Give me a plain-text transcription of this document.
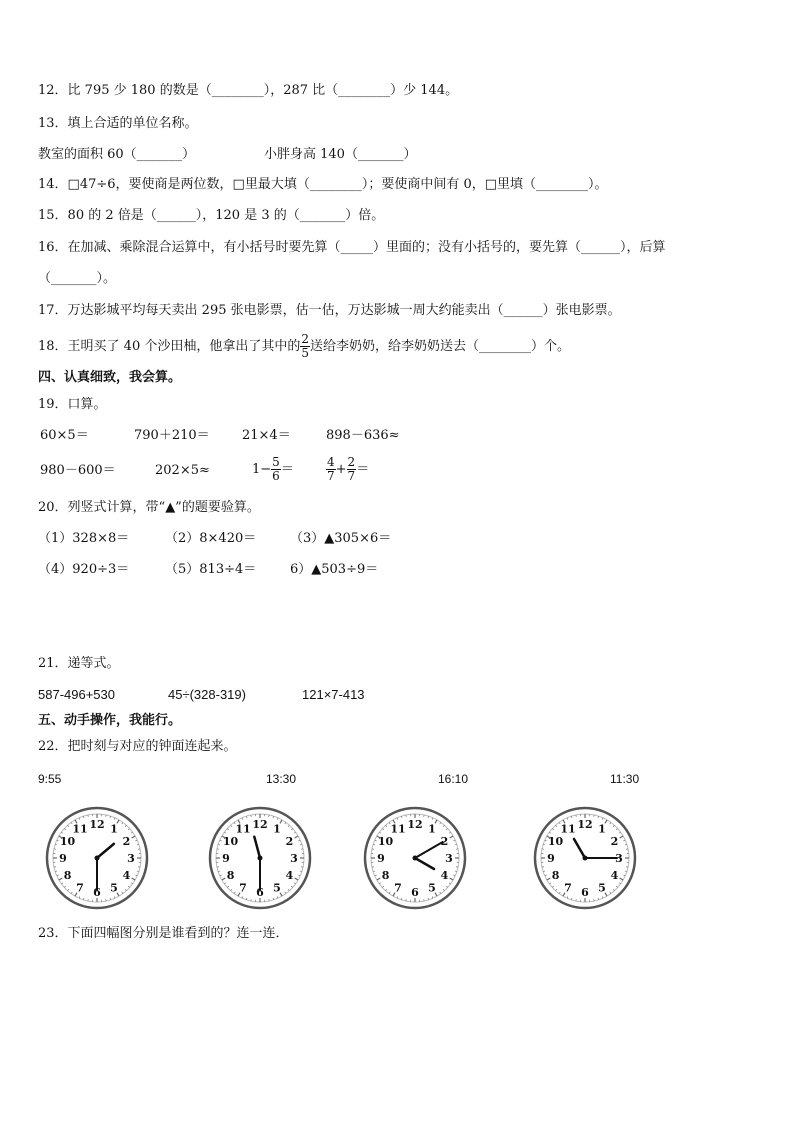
12．比 795 少 180 的数是（________），287 比（________）少 144。
13．填上合适的单位名称。
教室的面积 60（_______）	小胖身高 140（_______）
14．□47÷6，要使商是两位数，□里最大填（________）；要使商中间有 0，□里填（________）。
15．80 的 2 倍是（______），120 是 3 的（_______）倍。
16．在加减、乘除混合运算中，有小括号时要先算（_____）里面的；没有小括号的，要先算（______），后算
（_______）。
17．万达影城平均每天卖出 295 张电影票，估一估，万达影城一周大约能卖出（______）张电影票。
18．王明买了 40 个沙田柚，他拿出了其中的 $\frac{2}{5}$ 送给李奶奶，给李奶奶送去（________）个。
四、认真细致，我会算。
19．口算。
60×5＝	790＋210＝ 21×4＝	898－636≈
980－600＝	202×5≈	$1- \frac{5}{6}$ ＝	$\frac{4}{7} + \frac{2}{7}$ ＝
20．列竖式计算，带“▲”的题要验算。
（1）328×8＝	（2）8×420＝	（3）▲305×6＝
（4）920÷3＝	（5）813÷4＝	6）▲503÷9＝
21．递等式。
587-496+530	45÷(328-319)	121×7-413
五、动手操作，我能行。
22．把时刻与对应的钟面连起来。
9:55	13:30	16:10	11:30
1
2
3
4
5
6
7
8
9
10
11 12	1
2
3
4
5
6
7
8
9
10
11 12	1
2
3
4
5
6
7
8
9
10
11 12	1
2
3
4
5
6
7
8
9
10
11 12
23．下面四幅图分别是谁看到的？连一连．
